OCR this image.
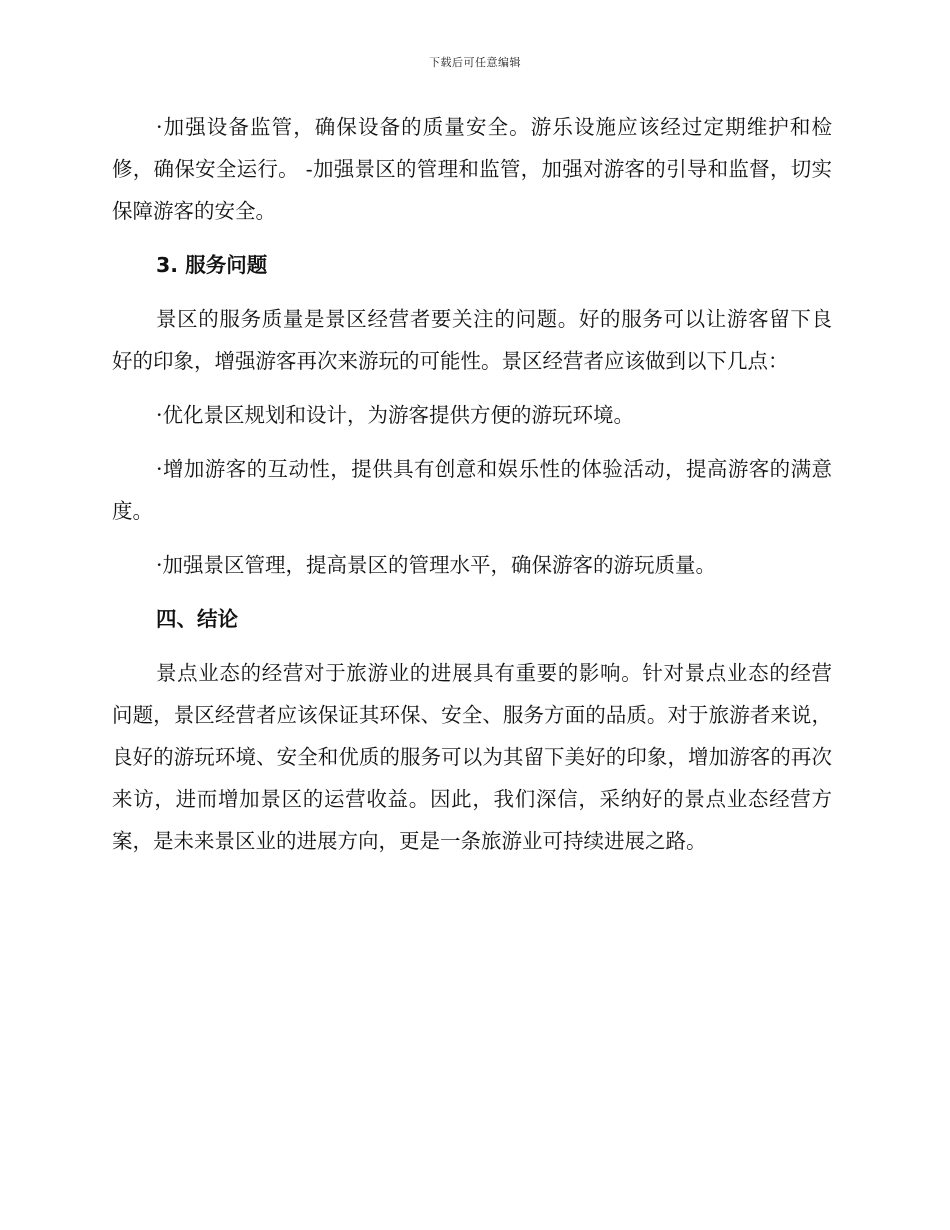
下载后可任意编辑

·加强设备监管，确保设备的质量安全。游乐设施应该经过定期维护和检修，确保安全运行。 -加强景区的管理和监管，加强对游客的引导和监督，切实保障游客的安全。

3. 服务问题

景区的服务质量是景区经营者要关注的问题。好的服务可以让游客留下良好的印象，增强游客再次来游玩的可能性。景区经营者应该做到以下几点：

·优化景区规划和设计，为游客提供方便的游玩环境。

·增加游客的互动性，提供具有创意和娱乐性的体验活动，提高游客的满意度。

·加强景区管理，提高景区的管理水平，确保游客的游玩质量。

四、结论

景点业态的经营对于旅游业的进展具有重要的影响。针对景点业态的经营问题，景区经营者应该保证其环保、安全、服务方面的品质。对于旅游者来说，良好的游玩环境、安全和优质的服务可以为其留下美好的印象，增加游客的再次来访，进而增加景区的运营收益。因此，我们深信，采纳好的景点业态经营方案，是未来景区业的进展方向，更是一条旅游业可持续进展之路。
